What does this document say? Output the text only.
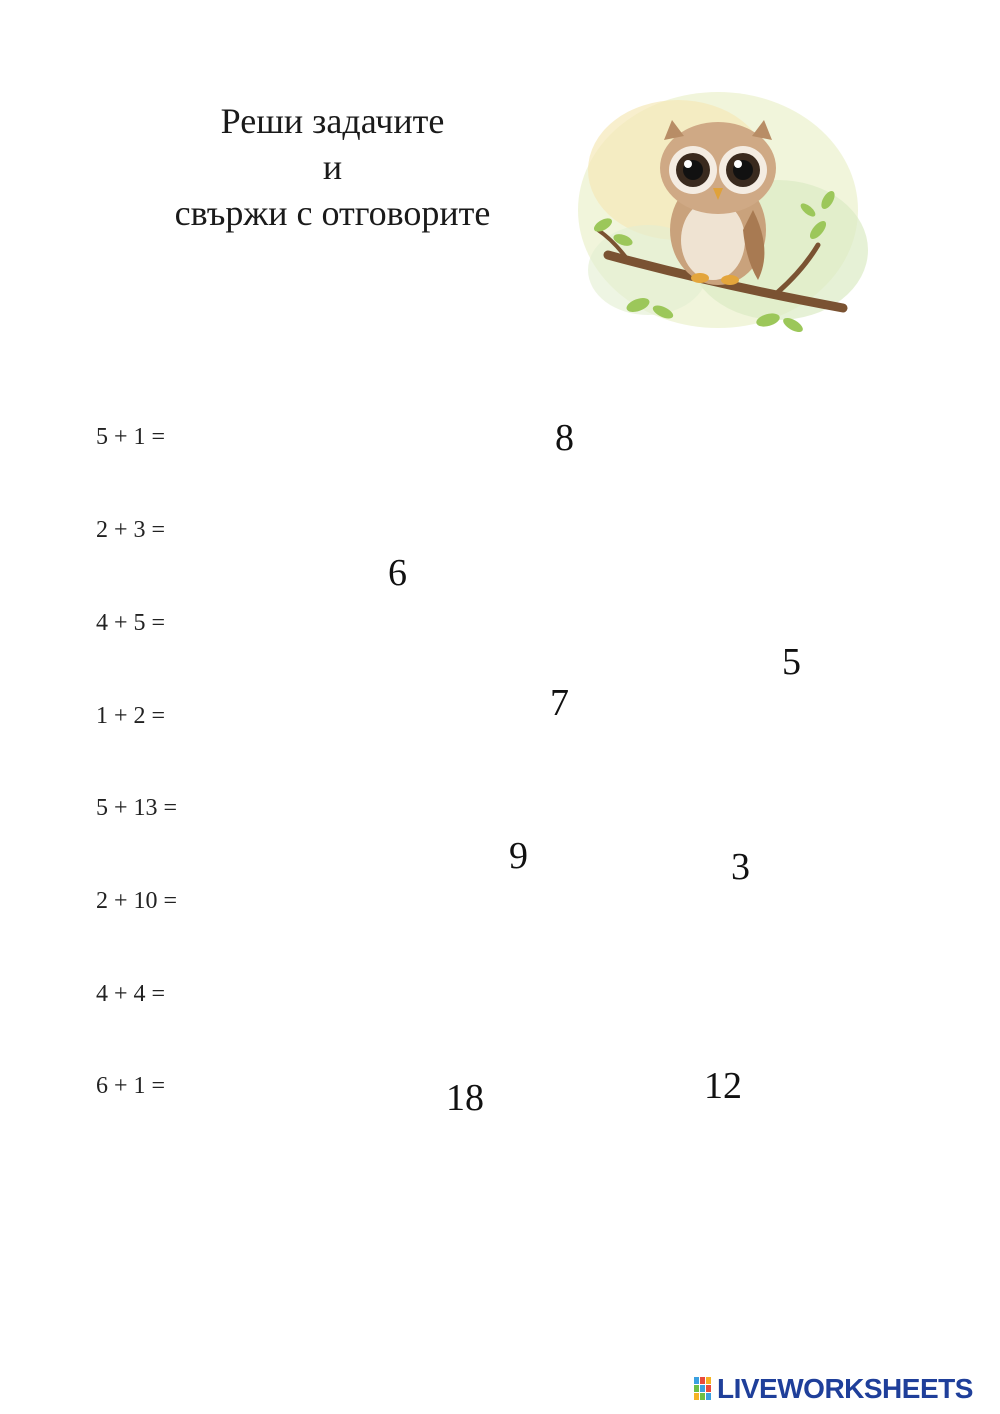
Реши задачите
и
свържи с отговорите
5 + 1 =
2 + 3 =
4 + 5 =
1 + 2 =
5 + 13 =
2 + 10 =
4 + 4 =
6 + 1 =
8
6
5
7
9	3
18	12
LIVEWORKSHEETS
